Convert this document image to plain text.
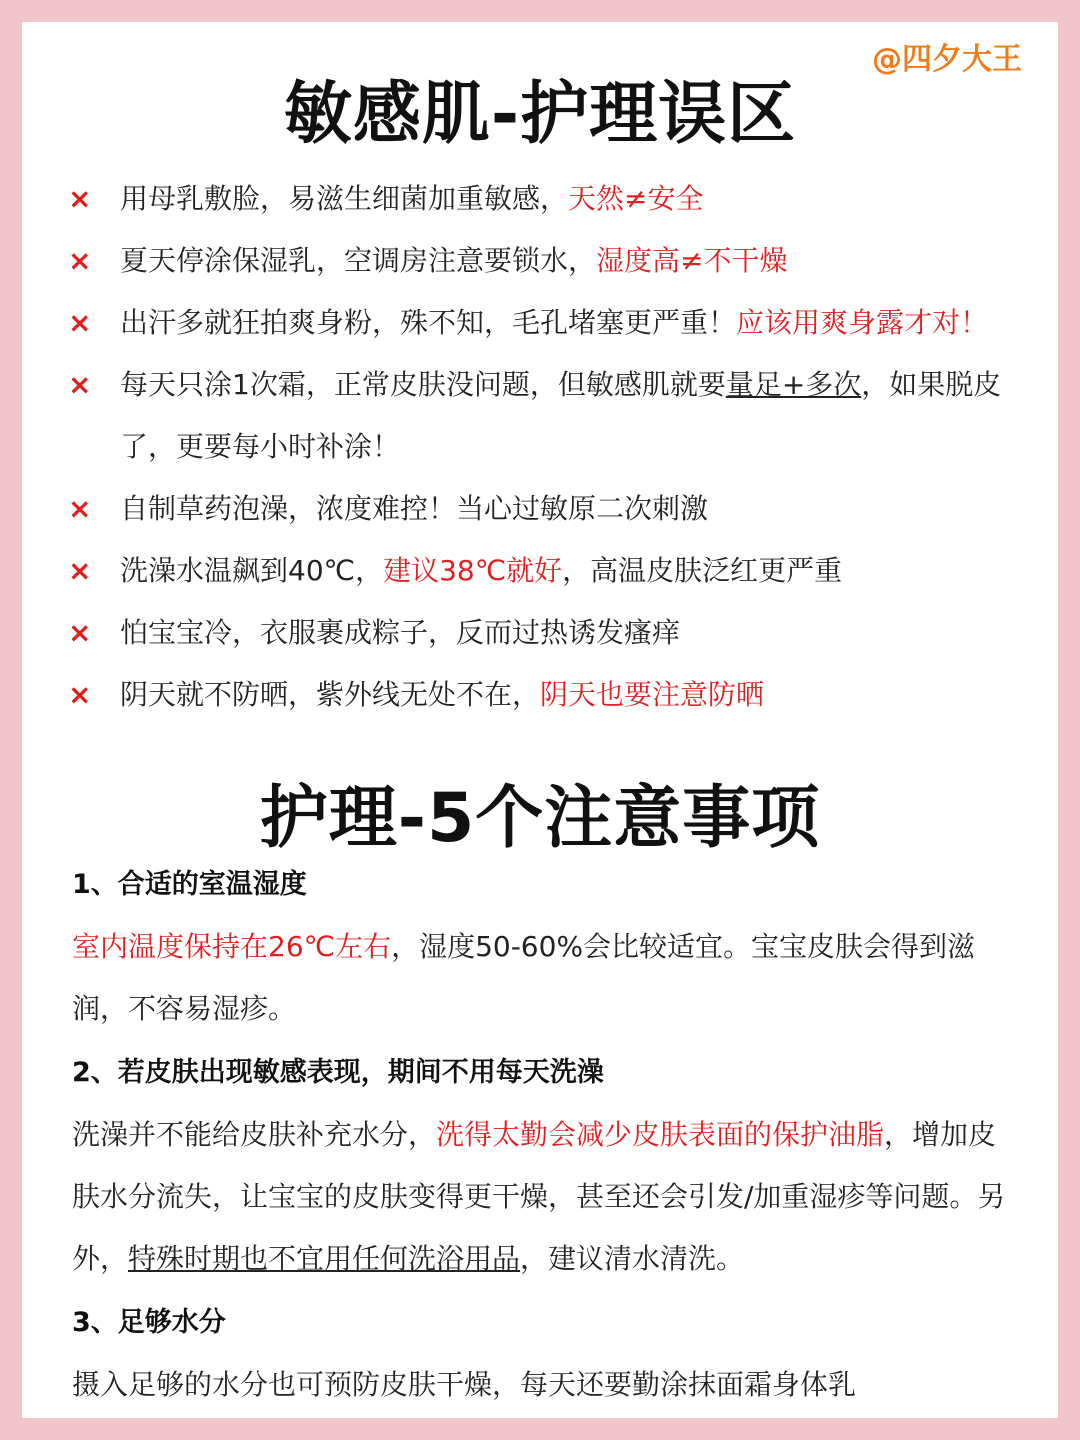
@四夕大王
敏感肌-护理误区
× 用母乳敷脸，易滋生细菌加重敏感，天然≠安全
× 夏天停涂保湿乳，空调房注意要锁水，湿度高≠不干燥
× 出汗多就狂拍爽身粉，殊不知，毛孔堵塞更严重！应该用爽身露才对！
× 每天只涂1次霜，正常皮肤没问题，但敏感肌就要量足+多次，如果脱皮了，更要每小时补涂！
× 自制草药泡澡，浓度难控！当心过敏原二次刺激
× 洗澡水温飙到40℃，建议38℃就好，高温皮肤泛红更严重
× 怕宝宝冷，衣服裹成粽子，反而过热诱发瘙痒
× 阴天就不防晒，紫外线无处不在，阴天也要注意防晒
护理-5个注意事项
1、合适的室温湿度
室内温度保持在26℃左右，湿度50-60%会比较适宜。宝宝皮肤会得到滋润，不容易湿疹。
2、若皮肤出现敏感表现，期间不用每天洗澡
洗澡并不能给皮肤补充水分，洗得太勤会减少皮肤表面的保护油脂，增加皮肤水分流失，让宝宝的皮肤变得更干燥，甚至还会引发/加重湿疹等问题。另外，特殊时期也不宜用任何洗浴用品，建议清水清洗。
3、足够水分
摄入足够的水分也可预防皮肤干燥，每天还要勤涂抹面霜身体乳
